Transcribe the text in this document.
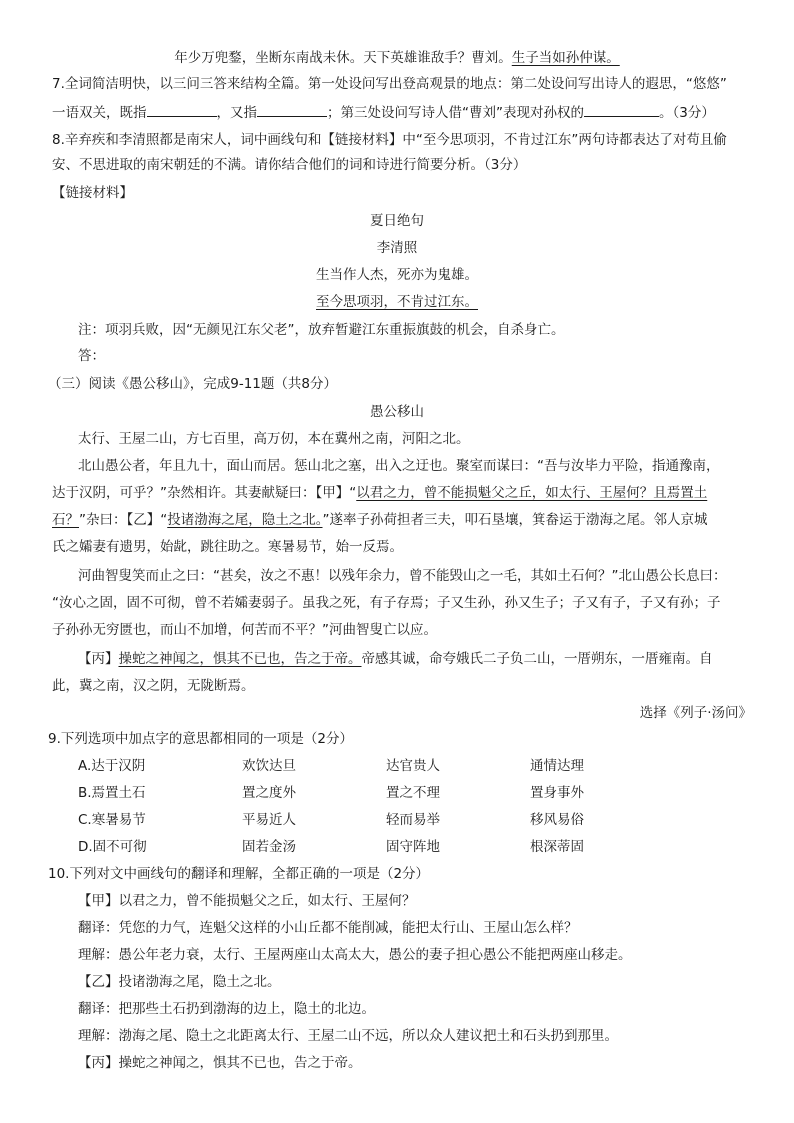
年少万兜鍪，坐断东南战未休。天下英雄谁敌手？曹刘。生子当如孙仲谋。
7.全词简洁明快，以三问三答来结构全篇。第一处设问写出登高观景的地点：第二处设问写出诗人的遐思，“悠悠”
一语双关，既指	，又指	；第三处设问写诗人借“曹刘”表现对孙权的	。（3分）
8.辛弃疾和李清照都是南宋人，词中画线句和【链接材料】中“至今思项羽，不肯过江东”两句诗都表达了对苟且偷
安、不思进取的南宋朝廷的不满。请你结合他们的词和诗进行简要分析。（3分）
【链接材料】
夏日绝句
李清照
生当作人杰，死亦为鬼雄。
至今思项羽，不肯过江东。
注：项羽兵败，因“无颜见江东父老”，放弃暂避江东重振旗鼓的机会，自杀身亡。
答：
（三）阅读《愚公移山》，完成9-11题（共8分）
愚公移山
太行、王屋二山，方七百里，高万仞，本在冀州之南，河阳之北。
北山愚公者，年且九十，面山而居。惩山北之塞，出入之迂也。聚室而谋曰：“吾与汝毕力平险，指通豫南，
达于汉阴，可乎？”杂然相许。其妻献疑曰：【甲】“以君之力，曾不能损魁父之丘，如太行、王屋何？且焉置土
石？”杂曰：【乙】“投诸渤海之尾，隐土之北。”遂率子孙荷担者三夫，叩石垦壤，箕畚运于渤海之尾。邻人京城
氏之孀妻有遗男，始龀，跳往助之。寒暑易节，始一反焉。
河曲智叟笑而止之曰：“甚矣，汝之不惠！以残年余力，曾不能毁山之一毛，其如土石何？”北山愚公长息曰：
“汝心之固，固不可彻，曾不若孀妻弱子。虽我之死，有子存焉；子又生孙，孙又生子；子又有子，子又有孙；子
子孙孙无穷匮也，而山不加增，何苦而不平？”河曲智叟亡以应。
【丙】操蛇之神闻之，惧其不已也，告之于帝。帝感其诚，命夸娥氏二子负二山，一厝朔东，一厝雍南。自
此，冀之南，汉之阴，无陇断焉。
选择《列子·汤问》
9.下列选项中加点字的意思都相同的一项是（2分）
A.达于汉阴	欢饮达旦	达官贵人	通情达理
B.焉置土石	置之度外	置之不理	置身事外
C.寒暑易节	平易近人	轻而易举	移风易俗
D.固不可彻	固若金汤	固守阵地	根深蒂固
10.下列对文中画线句的翻译和理解，全都正确的一项是（2分）
【甲】以君之力，曾不能损魁父之丘，如太行、王屋何？
翻译：凭您的力气，连魁父这样的小山丘都不能削减，能把太行山、王屋山怎么样？
理解：愚公年老力衰，太行、王屋两座山太高太大，愚公的妻子担心愚公不能把两座山移走。
【乙】投诸渤海之尾，隐土之北。
翻译：把那些土石扔到渤海的边上，隐土的北边。
理解：渤海之尾、隐土之北距离太行、王屋二山不远，所以众人建议把土和石头扔到那里。
【丙】操蛇之神闻之，惧其不已也，告之于帝。
